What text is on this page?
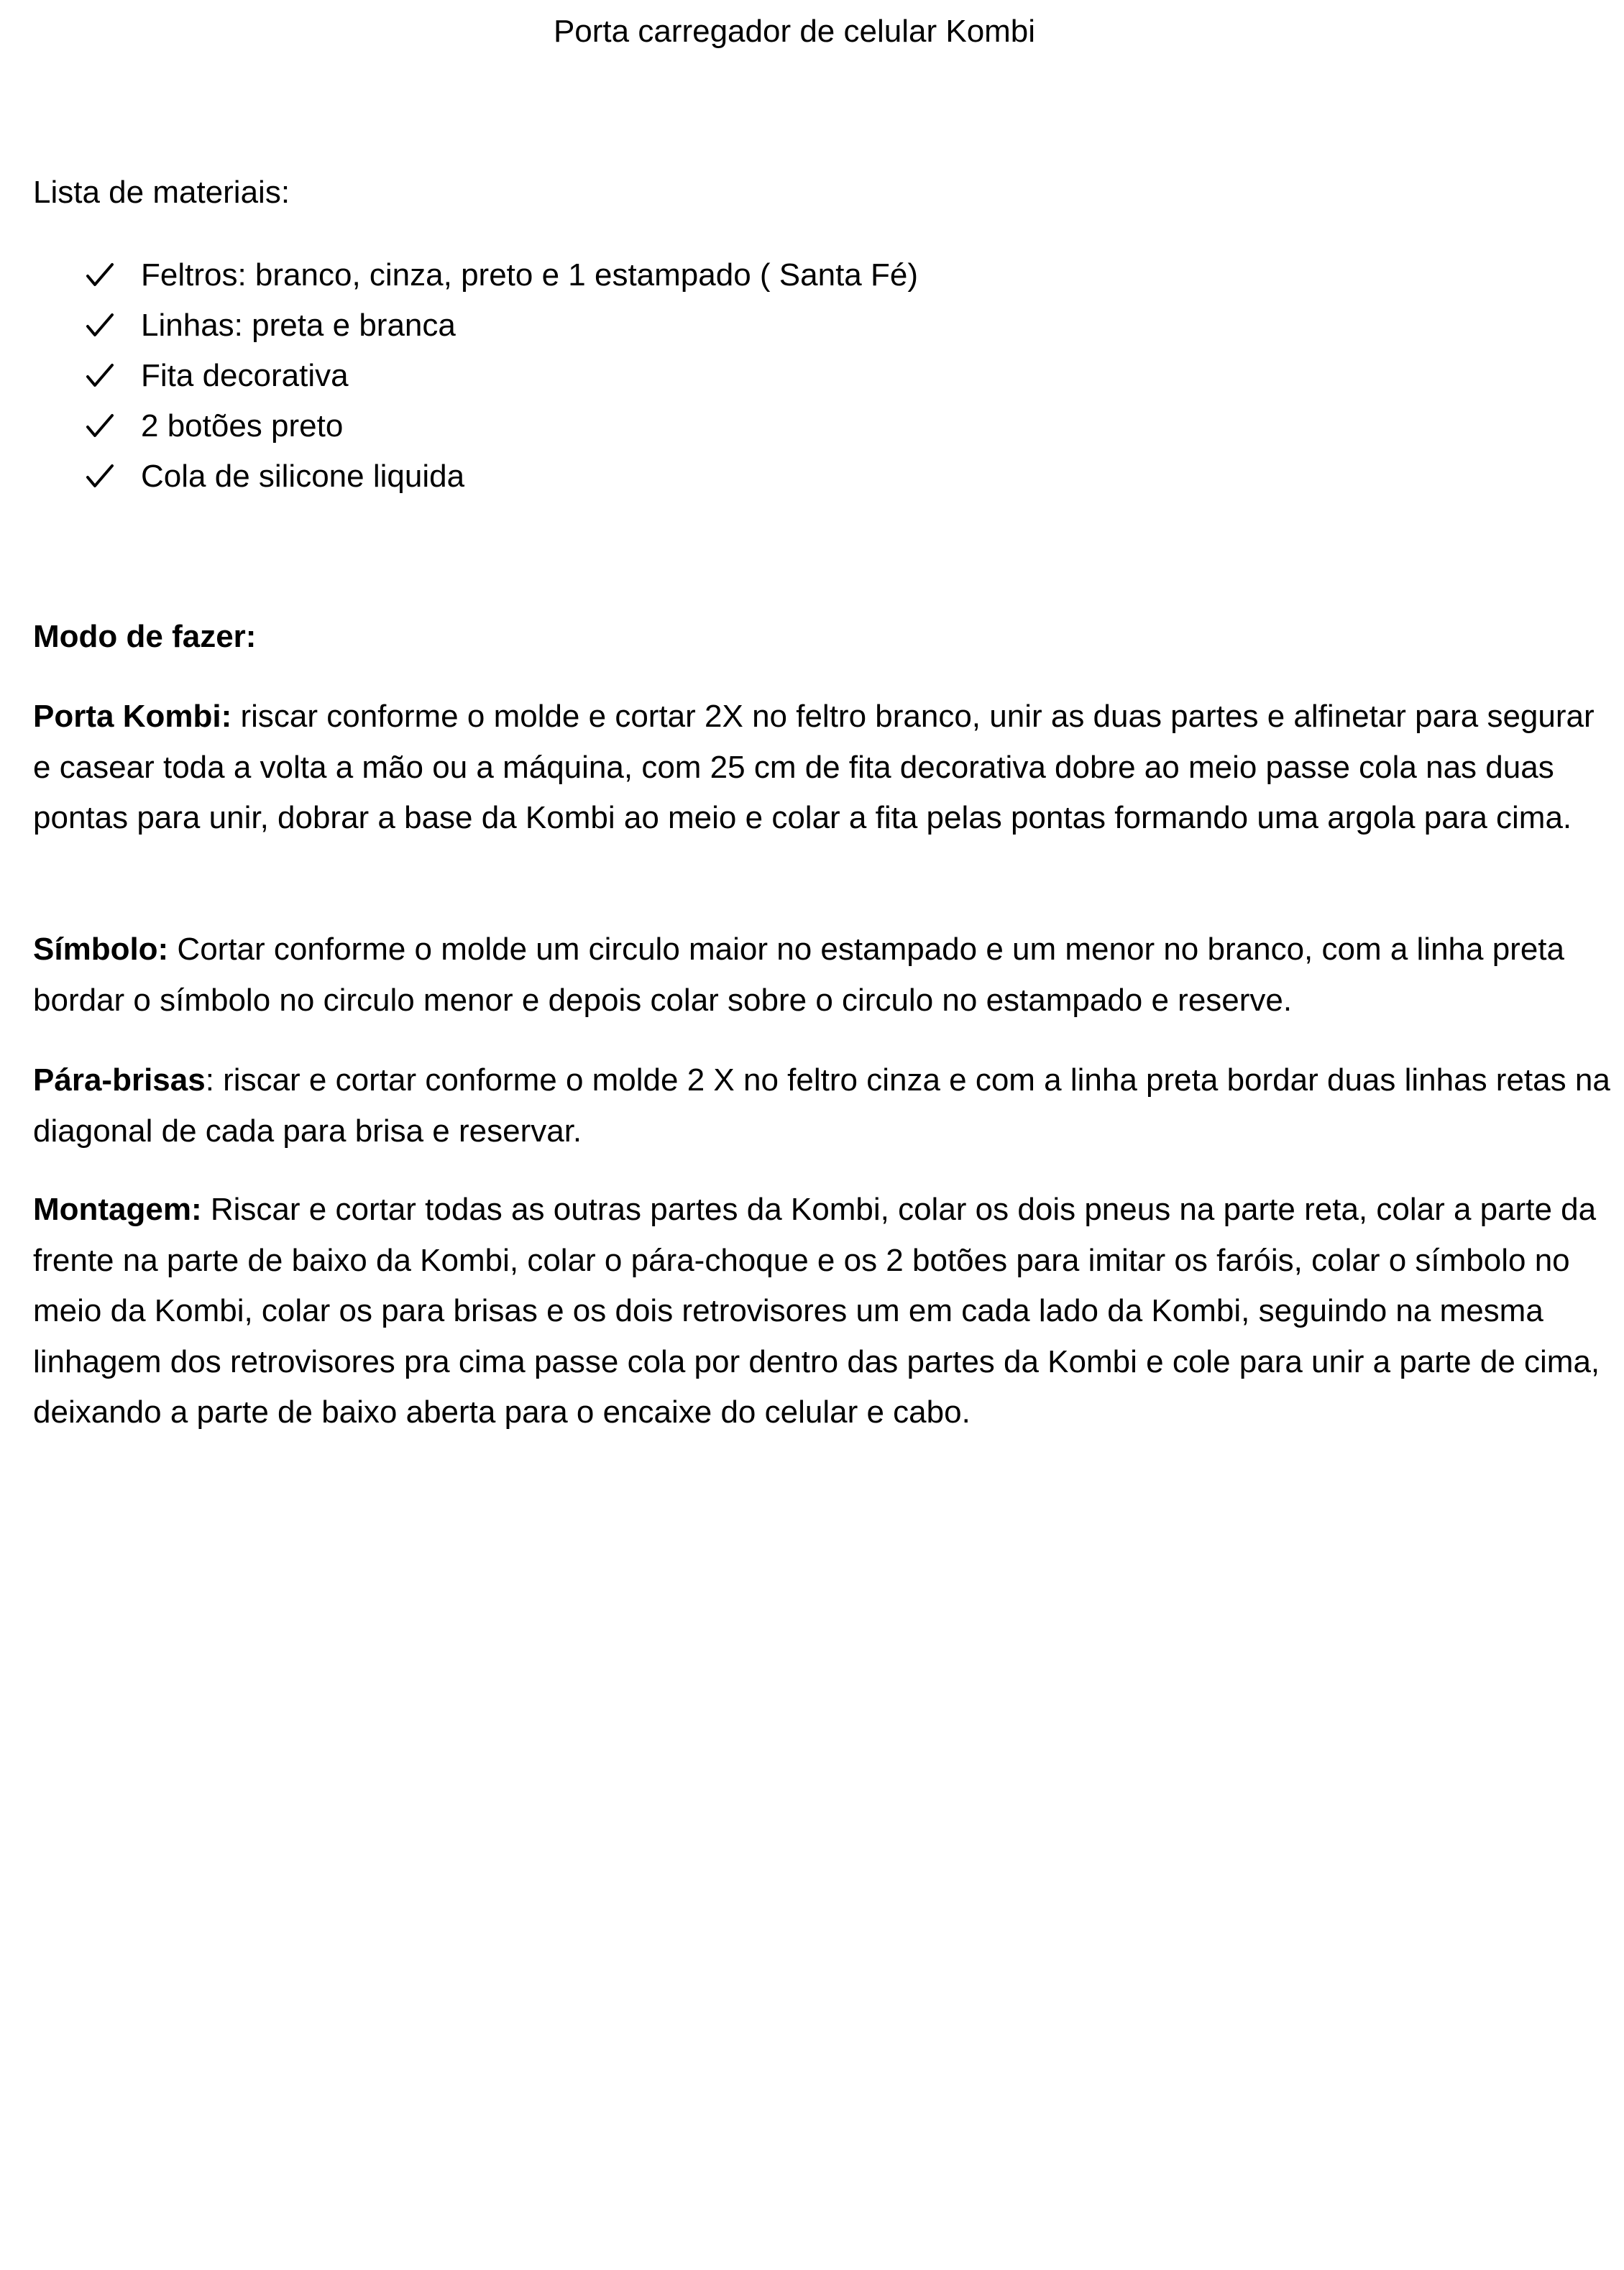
Porta carregador de celular Kombi

Lista de materiais:

Feltros: branco, cinza, preto e 1 estampado ( Santa Fé)
Linhas: preta e branca
Fita decorativa
2 botões preto
Cola de silicone liquida

Modo de fazer:

Porta Kombi: riscar conforme o molde e cortar 2X no feltro branco, unir as duas partes e alfinetar para segurar e casear toda a volta a mão ou a máquina, com 25 cm de fita decorativa dobre ao meio passe cola nas duas pontas para unir, dobrar a base da Kombi ao meio e colar a fita pelas pontas formando uma argola para cima.

Símbolo: Cortar conforme o molde um circulo maior no estampado e um menor no branco, com a linha preta bordar o símbolo no circulo menor e depois colar sobre o circulo no estampado e reserve.

Pára-brisas: riscar e cortar conforme o molde 2 X no feltro cinza e com a linha preta bordar duas linhas retas na diagonal de cada para brisa e reservar.

Montagem: Riscar e cortar todas as outras partes da Kombi, colar os dois pneus na parte reta, colar a parte da frente na parte de baixo da Kombi, colar o pára-choque e os 2 botões para imitar os faróis, colar o símbolo no meio da Kombi, colar os para brisas e os dois retrovisores um em cada lado da Kombi, seguindo na mesma linhagem dos retrovisores pra cima passe cola por dentro das partes da Kombi e cole para unir a parte de cima, deixando a parte de baixo aberta para o encaixe do celular e cabo.
